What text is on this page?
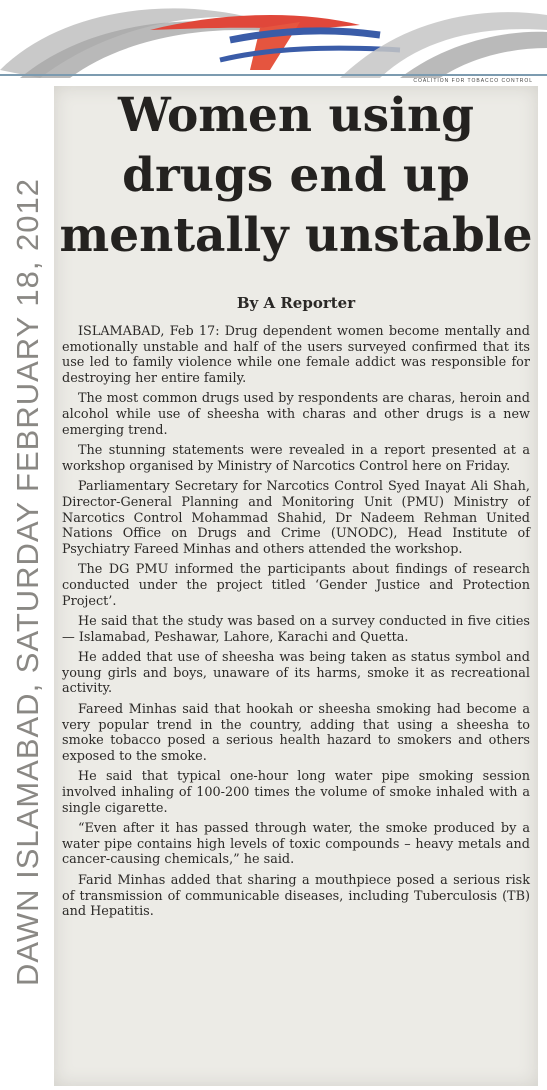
COALITION FOR TOBACCO CONTROL
DAWN ISLAMABAD, SATURDAY FEBRUARY 18, 2012
Women using
drugs end up
mentally unstable
By A Reporter

ISLAMABAD, Feb 17: Drug dependent women become mentally and emotionally unstable and half of the users surveyed confirmed that its use led to family violence while one female addict was responsible for destroying her entire family.

The most common drugs used by respondents are charas, heroin and alcohol while use of sheesha with charas and other drugs is a new emerging trend.

The stunning statements were revealed in a report presented at a workshop organised by Ministry of Narcotics Control here on Friday.

Parliamentary Secretary for Narcotics Control Syed Inayat Ali Shah, Director-General Planning and Monitoring Unit (PMU) Ministry of Narcotics Control Mohammad Shahid, Dr Nadeem Rehman United Nations Office on Drugs and Crime (UNODC), Head Institute of Psychiatry Fareed Minhas and others attended the workshop.

The DG PMU informed the participants about findings of research conducted under the project titled ‘Gender Justice and Protection Project’.

He said that the study was based on a survey conducted in five cities — Islamabad, Peshawar, Lahore, Karachi and Quetta.

He added that use of sheesha was being taken as status symbol and young girls and boys, unaware of its harms, smoke it as recreational activity.

Fareed Minhas said that hookah or sheesha smoking had become a very popular trend in the country, adding that using a sheesha to smoke tobacco posed a serious health hazard to smokers and others exposed to the smoke.

He said that typical one-hour long water pipe smoking session involved inhaling of 100-200 times the volume of smoke inhaled with a single cigarette.

“Even after it has passed through water, the smoke produced by a water pipe contains high levels of toxic compounds – heavy metals and cancer-causing chemicals,” he said.

Farid Minhas added that sharing a mouthpiece posed a serious risk of transmission of communicable diseases, including Tuberculosis (TB) and Hepatitis.
